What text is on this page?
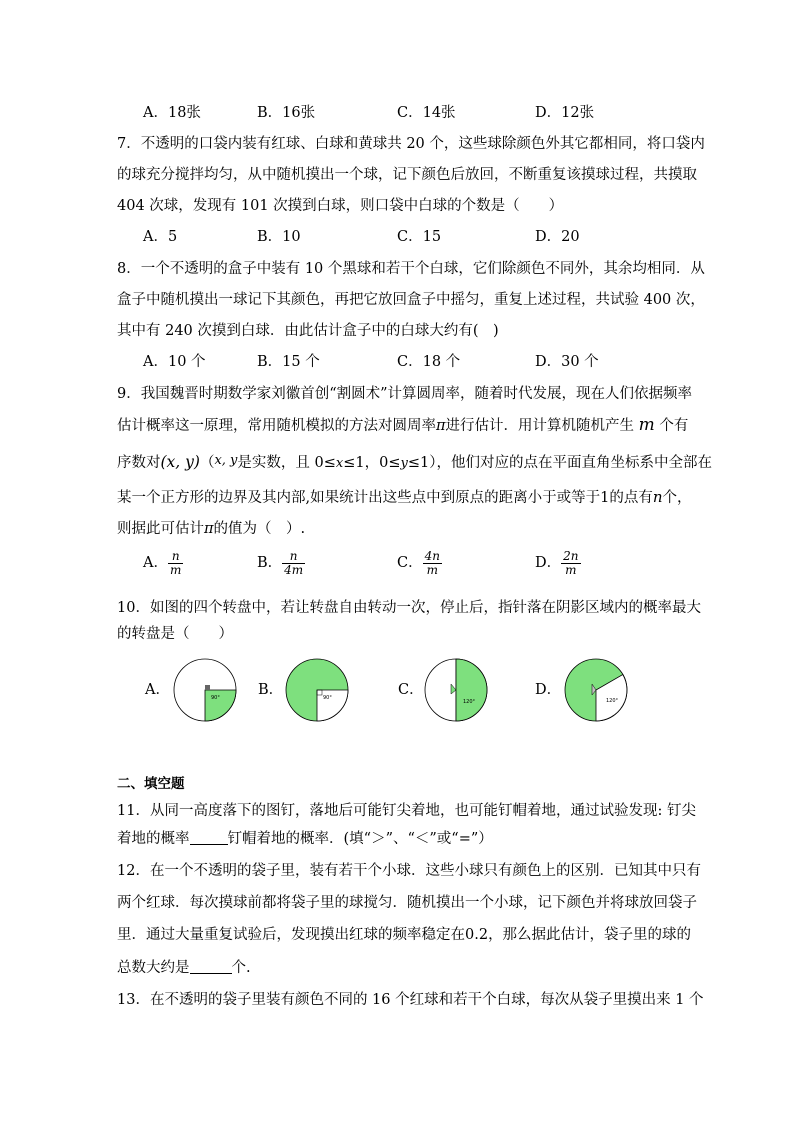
A．18张	B．16张	C．14张	D．12张
7．不透明的口袋内装有红球、白球和黄球共 20 个，这些球除颜色外其它都相同，将口袋内
的球充分搅拌均匀，从中随机摸出一个球，记下颜色后放回，不断重复该摸球过程，共摸取
404 次球，发现有 101 次摸到白球，则口袋中白球的个数是（　　）
A．5	B．10	C．15	D．20
8．一个不透明的盒子中装有 10 个黑球和若干个白球，它们除颜色不同外，其余均相同．从
盒子中随机摸出一球记下其颜色，再把它放回盒子中摇匀，重复上述过程，共试验 400 次，
其中有 240 次摸到白球．由此估计盒子中的白球大约有(　)
A．10 个	B．15 个	C．18 个	D．30 个
9．我国魏晋时期数学家刘徽首创“割圆术”计算圆周率，随着时代发展，现在人们依据频率
估计概率这一原理，常用随机模拟的方法对圆周率π进行估计．用计算机随机产生 m 个有
序数对(x, y)（x, y是实数，且 0≤x≤1，0≤y≤1），他们对应的点在平面直角坐标系中全部在
某一个正方形的边界及其内部,如果统计出这些点中到原点的距离小于或等于1的点有n个，
则据此可估计π的值为（　）.
A． $\frac{n}{m}$	B． $\frac{n}{4m}$	C． $\frac{4n}{m}$	D． $\frac{2n}{m}$
10．如图的四个转盘中，若让转盘自由转动一次，停止后，指针落在阴影区域内的概率最大
的转盘是（　　）
A．	B．	C．	D．
90°	90°
120°	120°
二、填空题
11．从同一高度落下的图钉，落地后可能钉尖着地，也可能钉帽着地，通过试验发现: 钉尖
着地的概率	钉帽着地的概率．(填“＞”、“＜”或“=”）
12．在一个不透明的袋子里，装有若干个小球．这些小球只有颜色上的区别．已知其中只有
两个红球．每次摸球前都将袋子里的球搅匀．随机摸出一个小球，记下颜色并将球放回袋子
里．通过大量重复试验后，发现摸出红球的频率稳定在0.2，那么据此估计，袋子里的球的
总数大约是	个.
13．在不透明的袋子里装有颜色不同的 16 个红球和若干个白球，每次从袋子里摸出来 1 个
